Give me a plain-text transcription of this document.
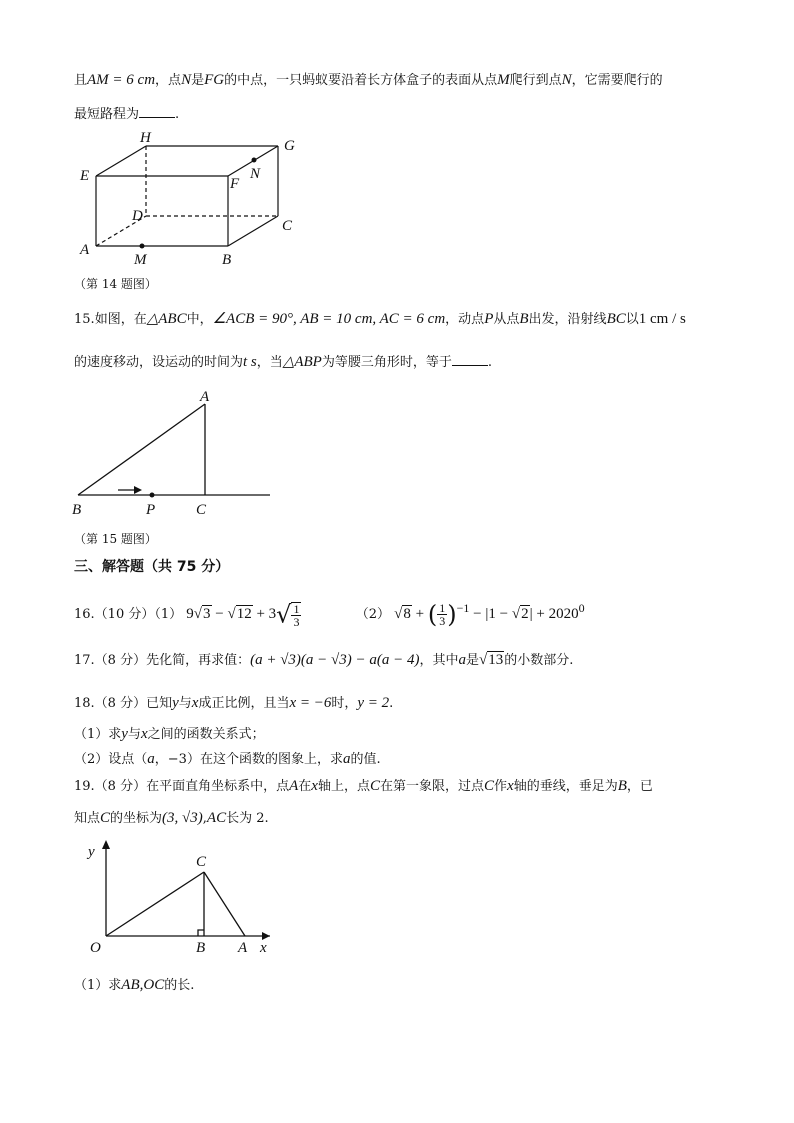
且AM = 6 cm，点N是FG的中点，一只蚂蚁要沿着长方体盒子的表面从点M爬行到点N，它需要爬行的
最短路程为	.
H	G
E	F
N
D
C
A
M	B
（第 14 题图）
15.如图，在△ABC中，∠ACB = 90°, AB = 10 cm, AC = 6 cm，动点P从点B出发，沿射线BC以1 cm / s
的速度移动，设运动的时间为t s，当△ABP为等腰三角形时，等于	.
A
B	P	C
（第 15 题图）
三、解答题（共 75 分）
16.（10 分）（1） $9√3 - √12 + 3√ \frac{1}{3}$	（2） √8 + ( $\frac{1}{3} )^{-1} - |1 - √2| + 2020^0$
17.（8 分）先化简，再求值：(a + √3)(a − √3) − a(a − 4)，其中a是√13的小数部分.
18.（8 分）已知y与x成正比例，且当x = −6时，y = 2.
（1）求y与x之间的函数关系式；
（2）设点（a，−3）在这个函数的图象上，求a的值.
19.（8 分）在平面直角坐标系中，点A在x轴上，点C在第一象限，过点C作x轴的垂线，垂足为B，已
知点C的坐标为(3, √3),AC长为 2.
y
C
O	B A x
（1）求AB,OC的长.
